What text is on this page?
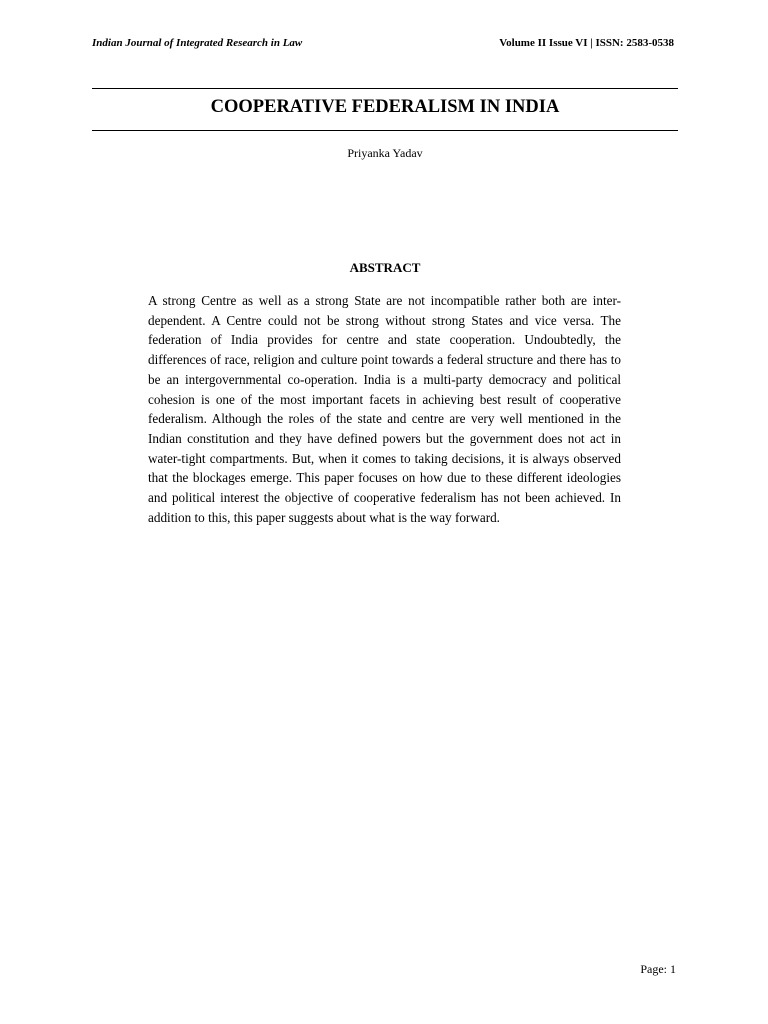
Indian Journal of Integrated Research in Law	Volume II Issue VI | ISSN: 2583-0538
COOPERATIVE FEDERALISM IN INDIA
Priyanka Yadav
ABSTRACT

A strong Centre as well as a strong State are not incompatible rather both are inter-dependent. A Centre could not be strong without strong States and vice versa. The federation of India provides for centre and state cooperation. Undoubtedly, the differences of race, religion and culture point towards a federal structure and there has to be an intergovernmental co-operation. India is a multi-party democracy and political cohesion is one of the most important facets in achieving best result of cooperative federalism. Although the roles of the state and centre are very well mentioned in the Indian constitution and they have defined powers but the government does not act in water-tight compartments. But, when it comes to taking decisions, it is always observed that the blockages emerge. This paper focuses on how due to these different ideologies and political interest the objective of cooperative federalism has not been achieved. In addition to this, this paper suggests about what is the way forward.

Page: 1
